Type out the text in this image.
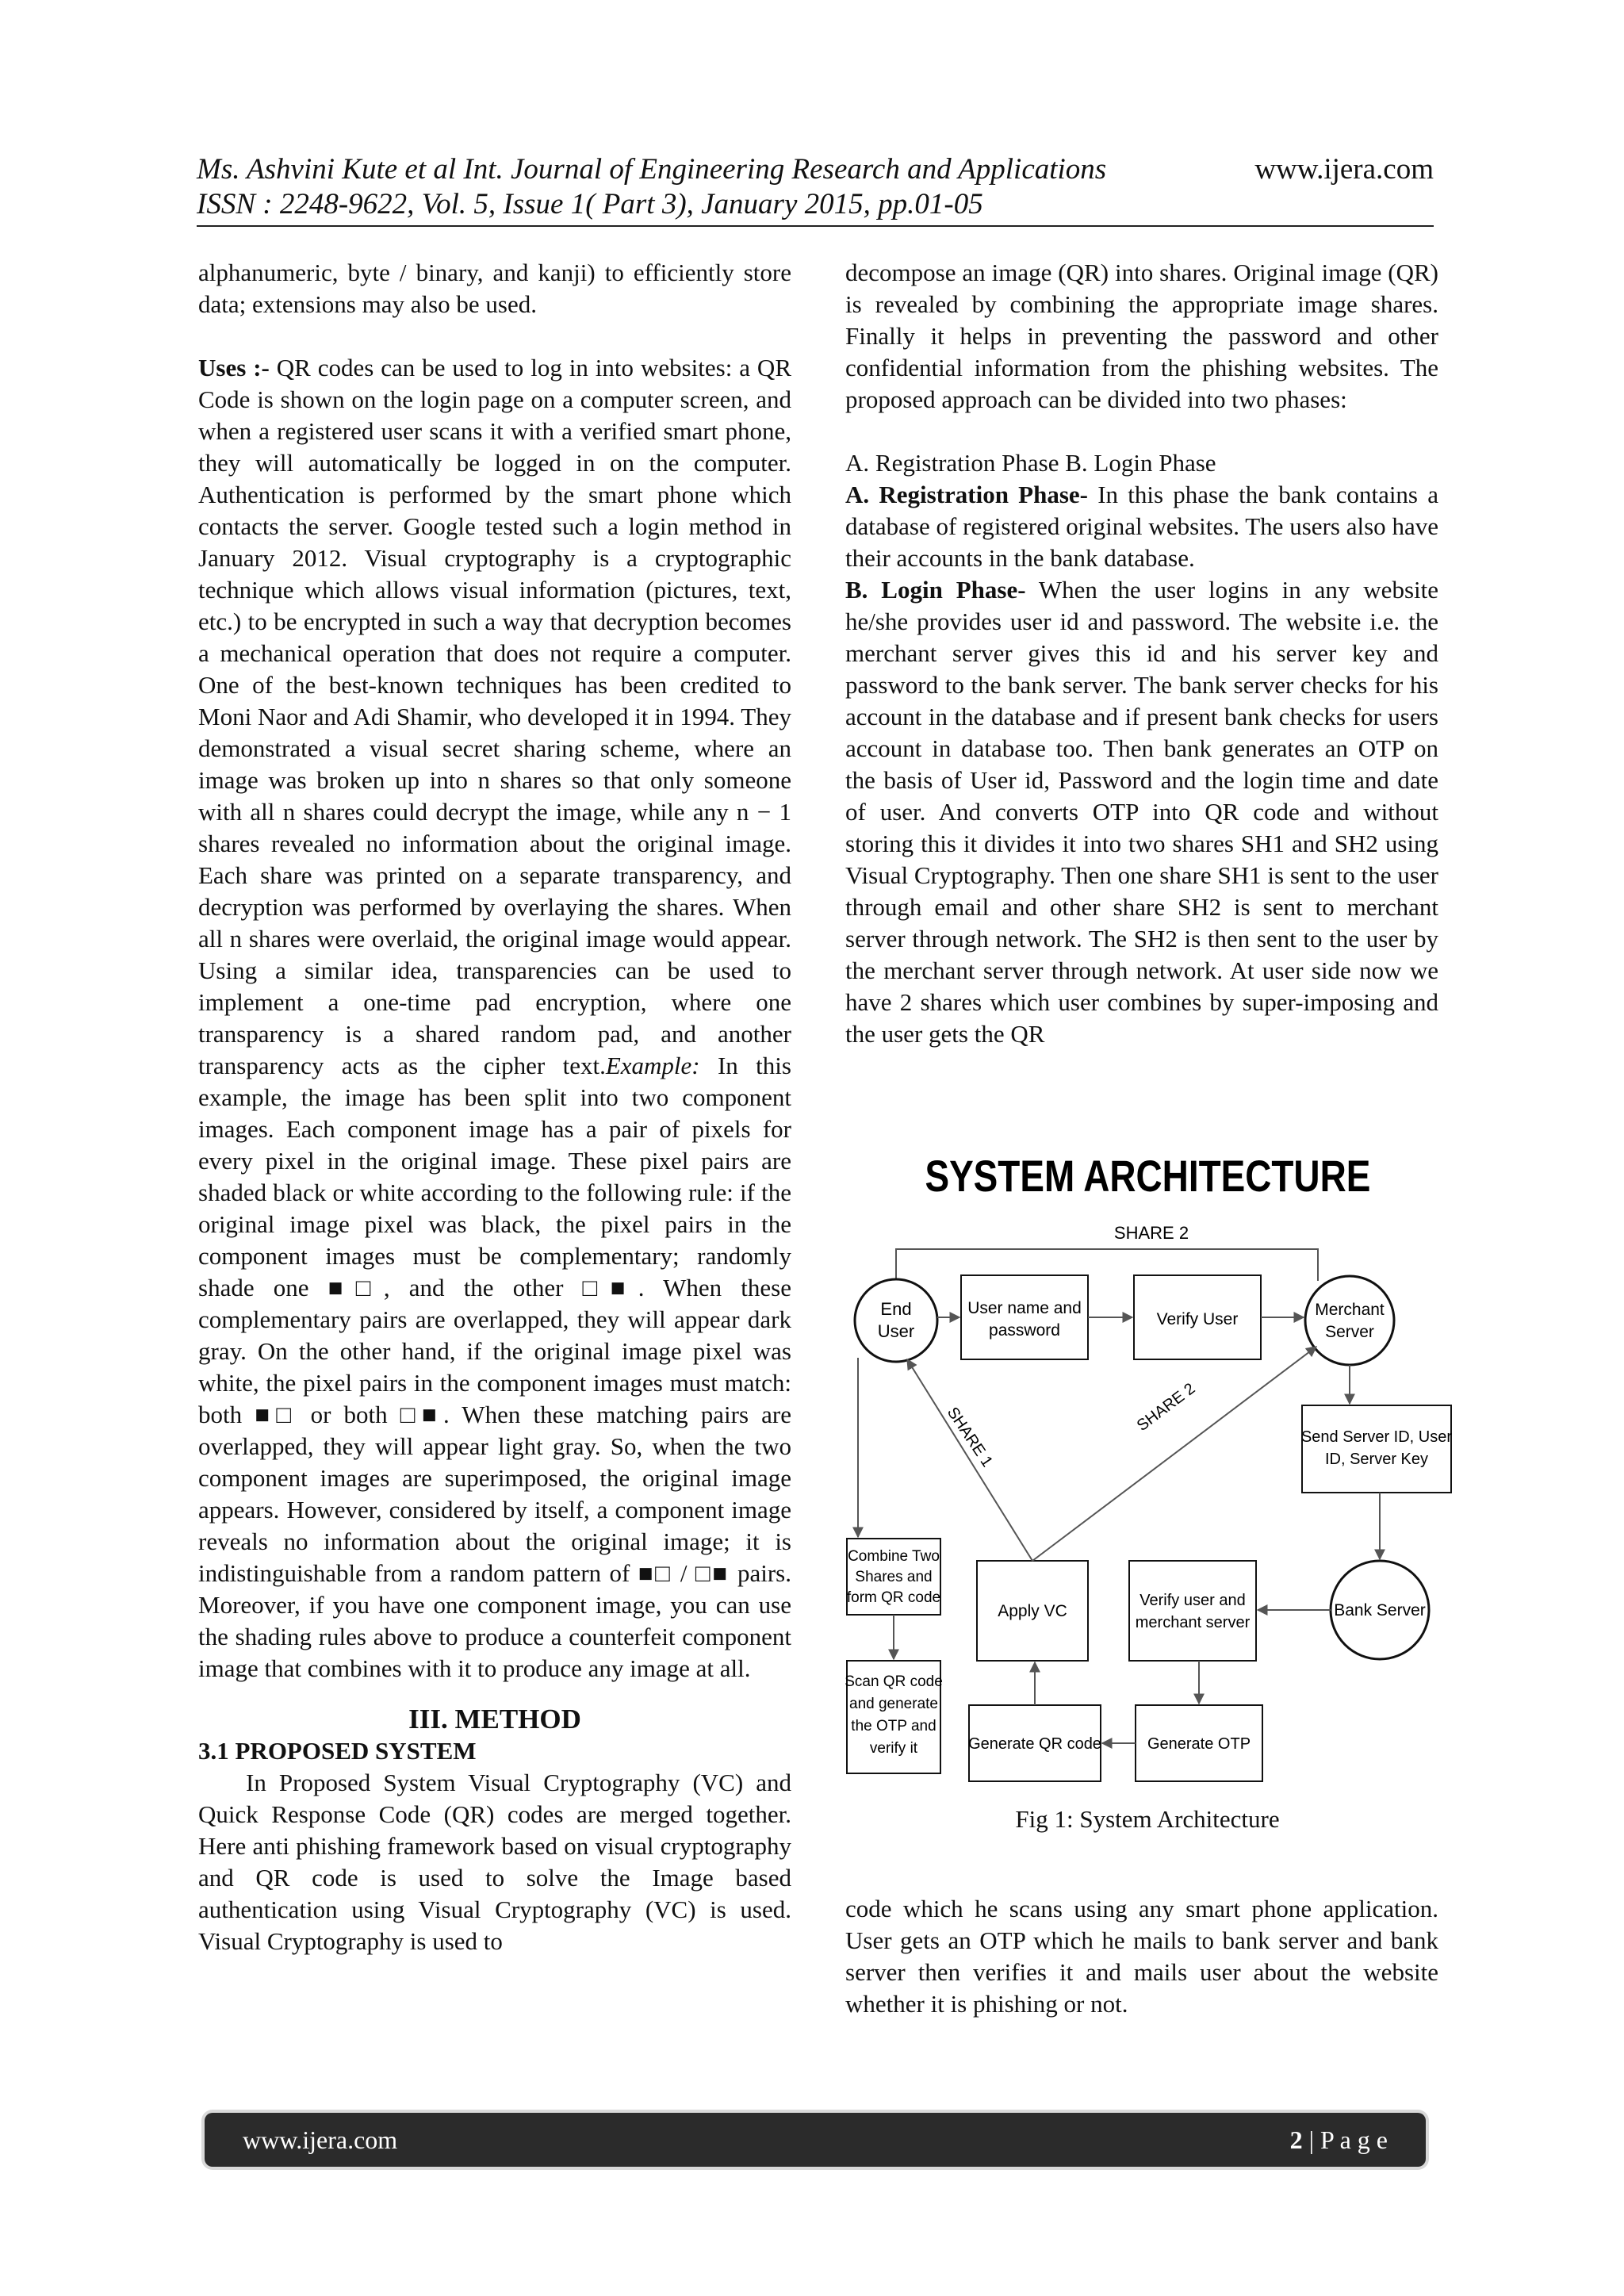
Ms. Ashvini Kute et al Int. Journal of Engineering Research and Applications	www.ijera.com
ISSN : 2248-9622, Vol. 5, Issue 1( Part 3), January 2015, pp.01-05

alphanumeric, byte / binary, and kanji) to efficiently store data; extensions may also be used.

Uses :- QR codes can be used to log in into websites: a QR Code is shown on the login page on a computer screen, and when a registered user scans it with a verified smart phone, they will automatically be logged in on the computer. Authentication is performed by the smart phone which contacts the server. Google tested such a login method in January 2012. Visual cryptography is a cryptographic technique which allows visual information (pictures, text, etc.) to be encrypted in such a way that decryption becomes a mechanical operation that does not require a computer. One of the best-known techniques has been credited to Moni Naor and Adi Shamir, who developed it in 1994. They demonstrated a visual secret sharing scheme, where an image was broken up into n shares so that only someone with all n shares could decrypt the image, while any n − 1 shares revealed no information about the original image. Each share was printed on a separate transparency, and decryption was performed by overlaying the shares. When all n shares were overlaid, the original image would appear. Using a similar idea, transparencies can be used to implement a one-time pad encryption, where one transparency is a shared random pad, and another transparency acts as the cipher text.Example: In this example, the image has been split into two component images. Each component image has a pair of pixels for every pixel in the original image. These pixel pairs are shaded black or white according to the following rule: if the original image pixel was black, the pixel pairs in the component images must be complementary; randomly shade one ■□, and the other □■. When these complementary pairs are overlapped, they will appear dark gray. On the other hand, if the original image pixel was white, the pixel pairs in the component images must match: both ■□ or both □■. When these matching pairs are overlapped, they will appear light gray. So, when the two component images are superimposed, the original image appears. However, considered by itself, a component image reveals no information about the original image; it is indistinguishable from a random pattern of ■□ / □■ pairs. Moreover, if you have one component image, you can use the shading rules above to produce a counterfeit component image that combines with it to produce any image at all.

III. METHOD
3.1 PROPOSED SYSTEM

In Proposed System Visual Cryptography (VC) and Quick Response Code (QR) codes are merged together. Here anti phishing framework based on visual cryptography and QR code is used to solve the Image based authentication using Visual Cryptography (VC) is used. Visual Cryptography is used to

decompose an image (QR) into shares. Original image (QR) is revealed by combining the appropriate image shares. Finally it helps in preventing the password and other confidential information from the phishing websites. The proposed approach can be divided into two phases:

A. Registration Phase B. Login Phase

A. Registration Phase- In this phase the bank contains a database of registered original websites. The users also have their accounts in the bank database.

B. Login Phase- When the user logins in any website he/she provides user id and password. The website i.e. the merchant server gives this id and his server key and password to the bank server. The bank server checks for his account in the database and if present bank checks for users account in database too. Then bank generates an OTP on the basis of User id, Password and the login time and date of user. And converts OTP into QR code and without storing this it divides it into two shares SH1 and SH2 using Visual Cryptography. Then one share SH1 is sent to the user through email and other share SH2 is sent to merchant server through network. The SH2 is then sent to the user by the merchant server through network. At user side now we have 2 shares which user combines by super-imposing and the user gets the QR

SYSTEM ARCHITECTURE
SHARE 2
End
User
User name and
password
Verify User
Merchant
Server
Send Server ID, User
ID, Server Key
Combine Two
Shares and
form QR code
Apply VC
Verify user and
merchant server
Bank Server
Scan QR code
and generate
the OTP and
verify it	Generate QR code	Generate OTP
SHARE 1	SHARE 2
Fig 1: System Architecture

code which he scans using any smart phone application. User gets an OTP which he mails to bank server and bank server then verifies it and mails user about the website whether it is phishing or not.

www.ijera.com	2 | P a g e
